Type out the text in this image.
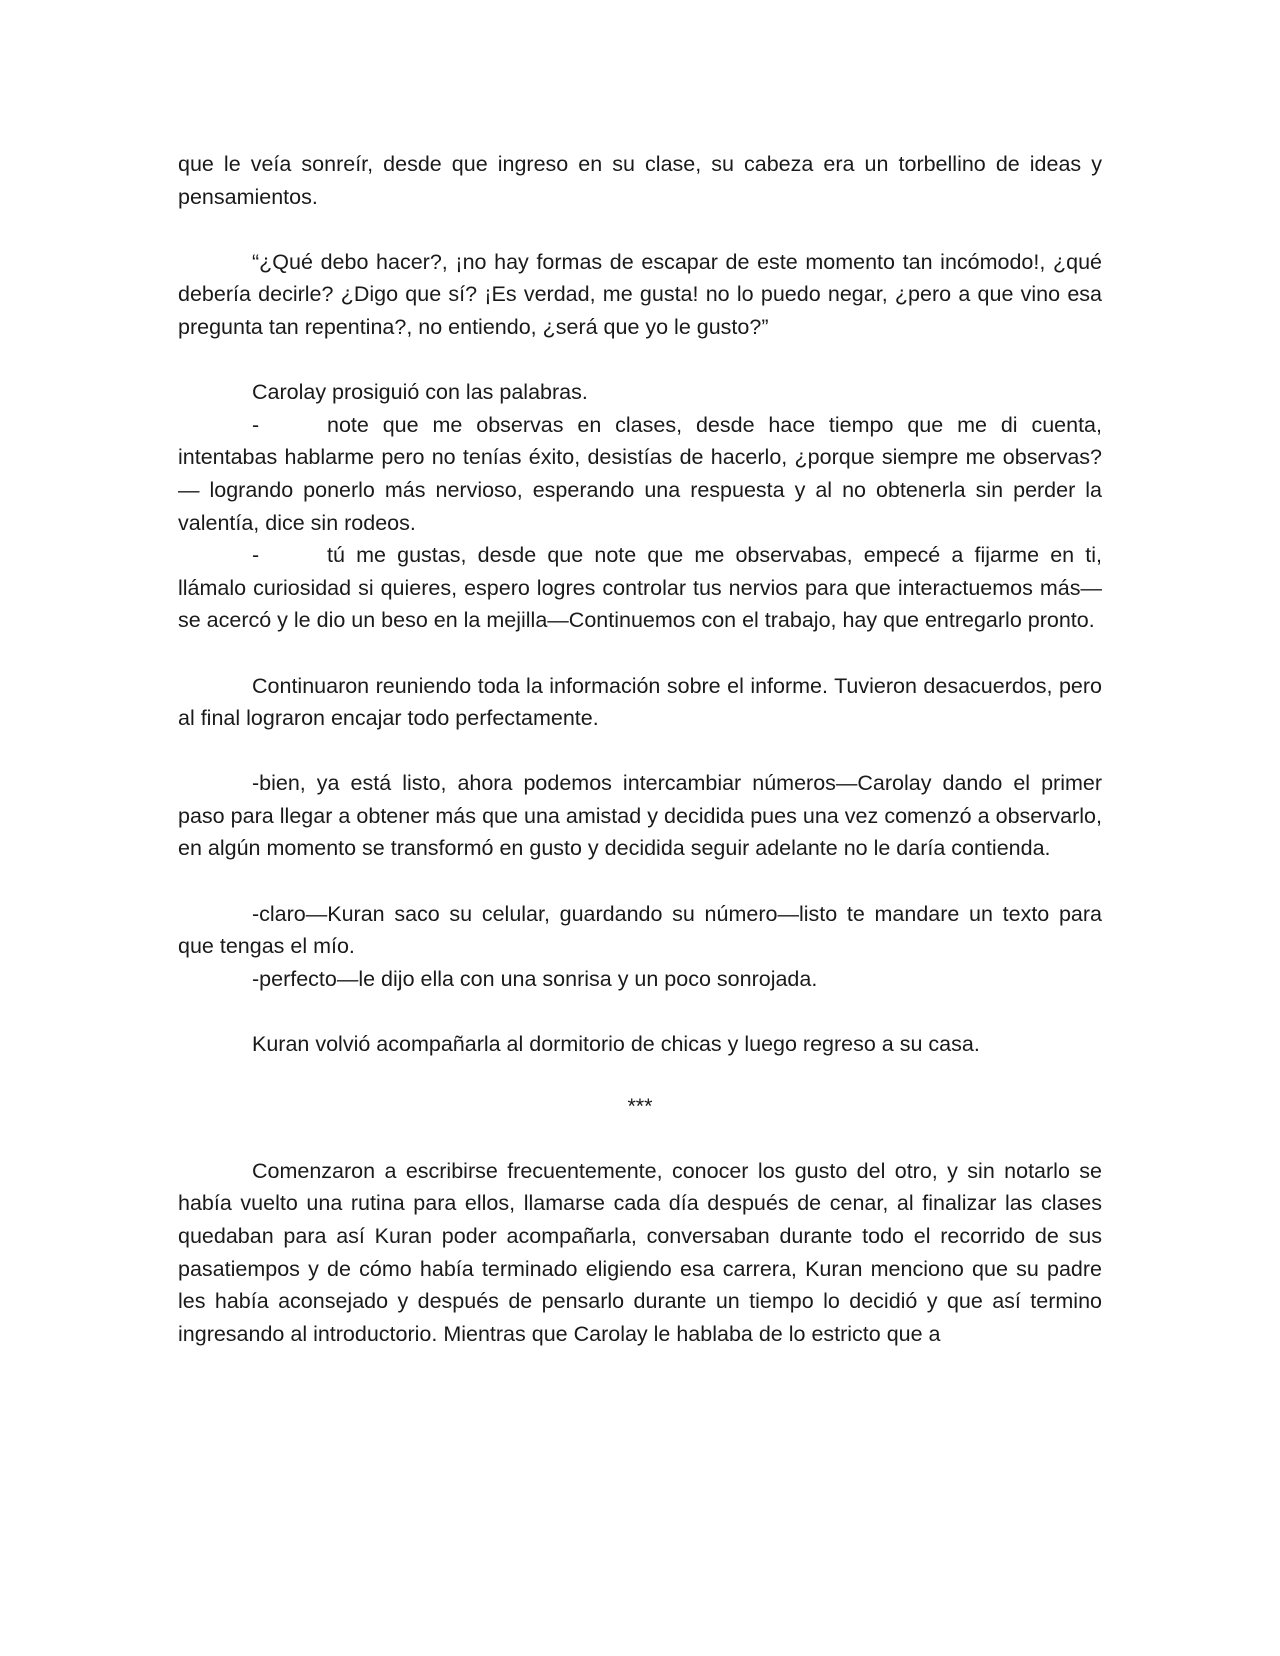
que le veía sonreír, desde que ingreso en su clase, su cabeza era un torbellino de ideas y pensamientos.

“¿Qué debo hacer?, ¡no hay formas de escapar de este momento tan incómodo!, ¿qué debería decirle? ¿Digo que sí? ¡Es verdad, me gusta! no lo puedo negar, ¿pero a que vino esa pregunta tan repentina?, no entiendo, ¿será que yo le gusto?”

Carolay prosiguió con las palabras.

-	note que me observas en clases, desde hace tiempo que me di cuenta, intentabas hablarme pero no tenías éxito, desistías de hacerlo, ¿porque siempre me observas? — logrando ponerlo más nervioso, esperando una respuesta y al no obtenerla sin perder la valentía, dice sin rodeos.

-	tú me gustas, desde que note que me observabas, empecé a fijarme en ti, llámalo curiosidad si quieres, espero logres controlar tus nervios para que interactuemos más—se acercó y le dio un beso en la mejilla—Continuemos con el trabajo, hay que entregarlo pronto.

Continuaron reuniendo toda la información sobre el informe. Tuvieron desacuerdos, pero al final lograron encajar todo perfectamente.

-bien, ya está listo, ahora podemos intercambiar números—Carolay dando el primer paso para llegar a obtener más que una amistad y decidida pues una vez comenzó a observarlo, en algún momento se transformó en gusto y decidida seguir adelante no le daría contienda.

-claro—Kuran saco su celular, guardando su número—listo te mandare un texto para que tengas el mío.

-perfecto—le dijo ella con una sonrisa y un poco sonrojada.

Kuran volvió acompañarla al dormitorio de chicas y luego regreso a su casa.

***

Comenzaron a escribirse frecuentemente, conocer los gusto del otro, y sin notarlo se había vuelto una rutina para ellos, llamarse cada día después de cenar, al finalizar las clases quedaban para así Kuran poder acompañarla, conversaban durante todo el recorrido de sus pasatiempos y de cómo había terminado eligiendo esa carrera, Kuran menciono que su padre les había aconsejado y después de pensarlo durante un tiempo lo decidió y que así termino ingresando al introductorio. Mientras que Carolay le hablaba de lo estricto que a
